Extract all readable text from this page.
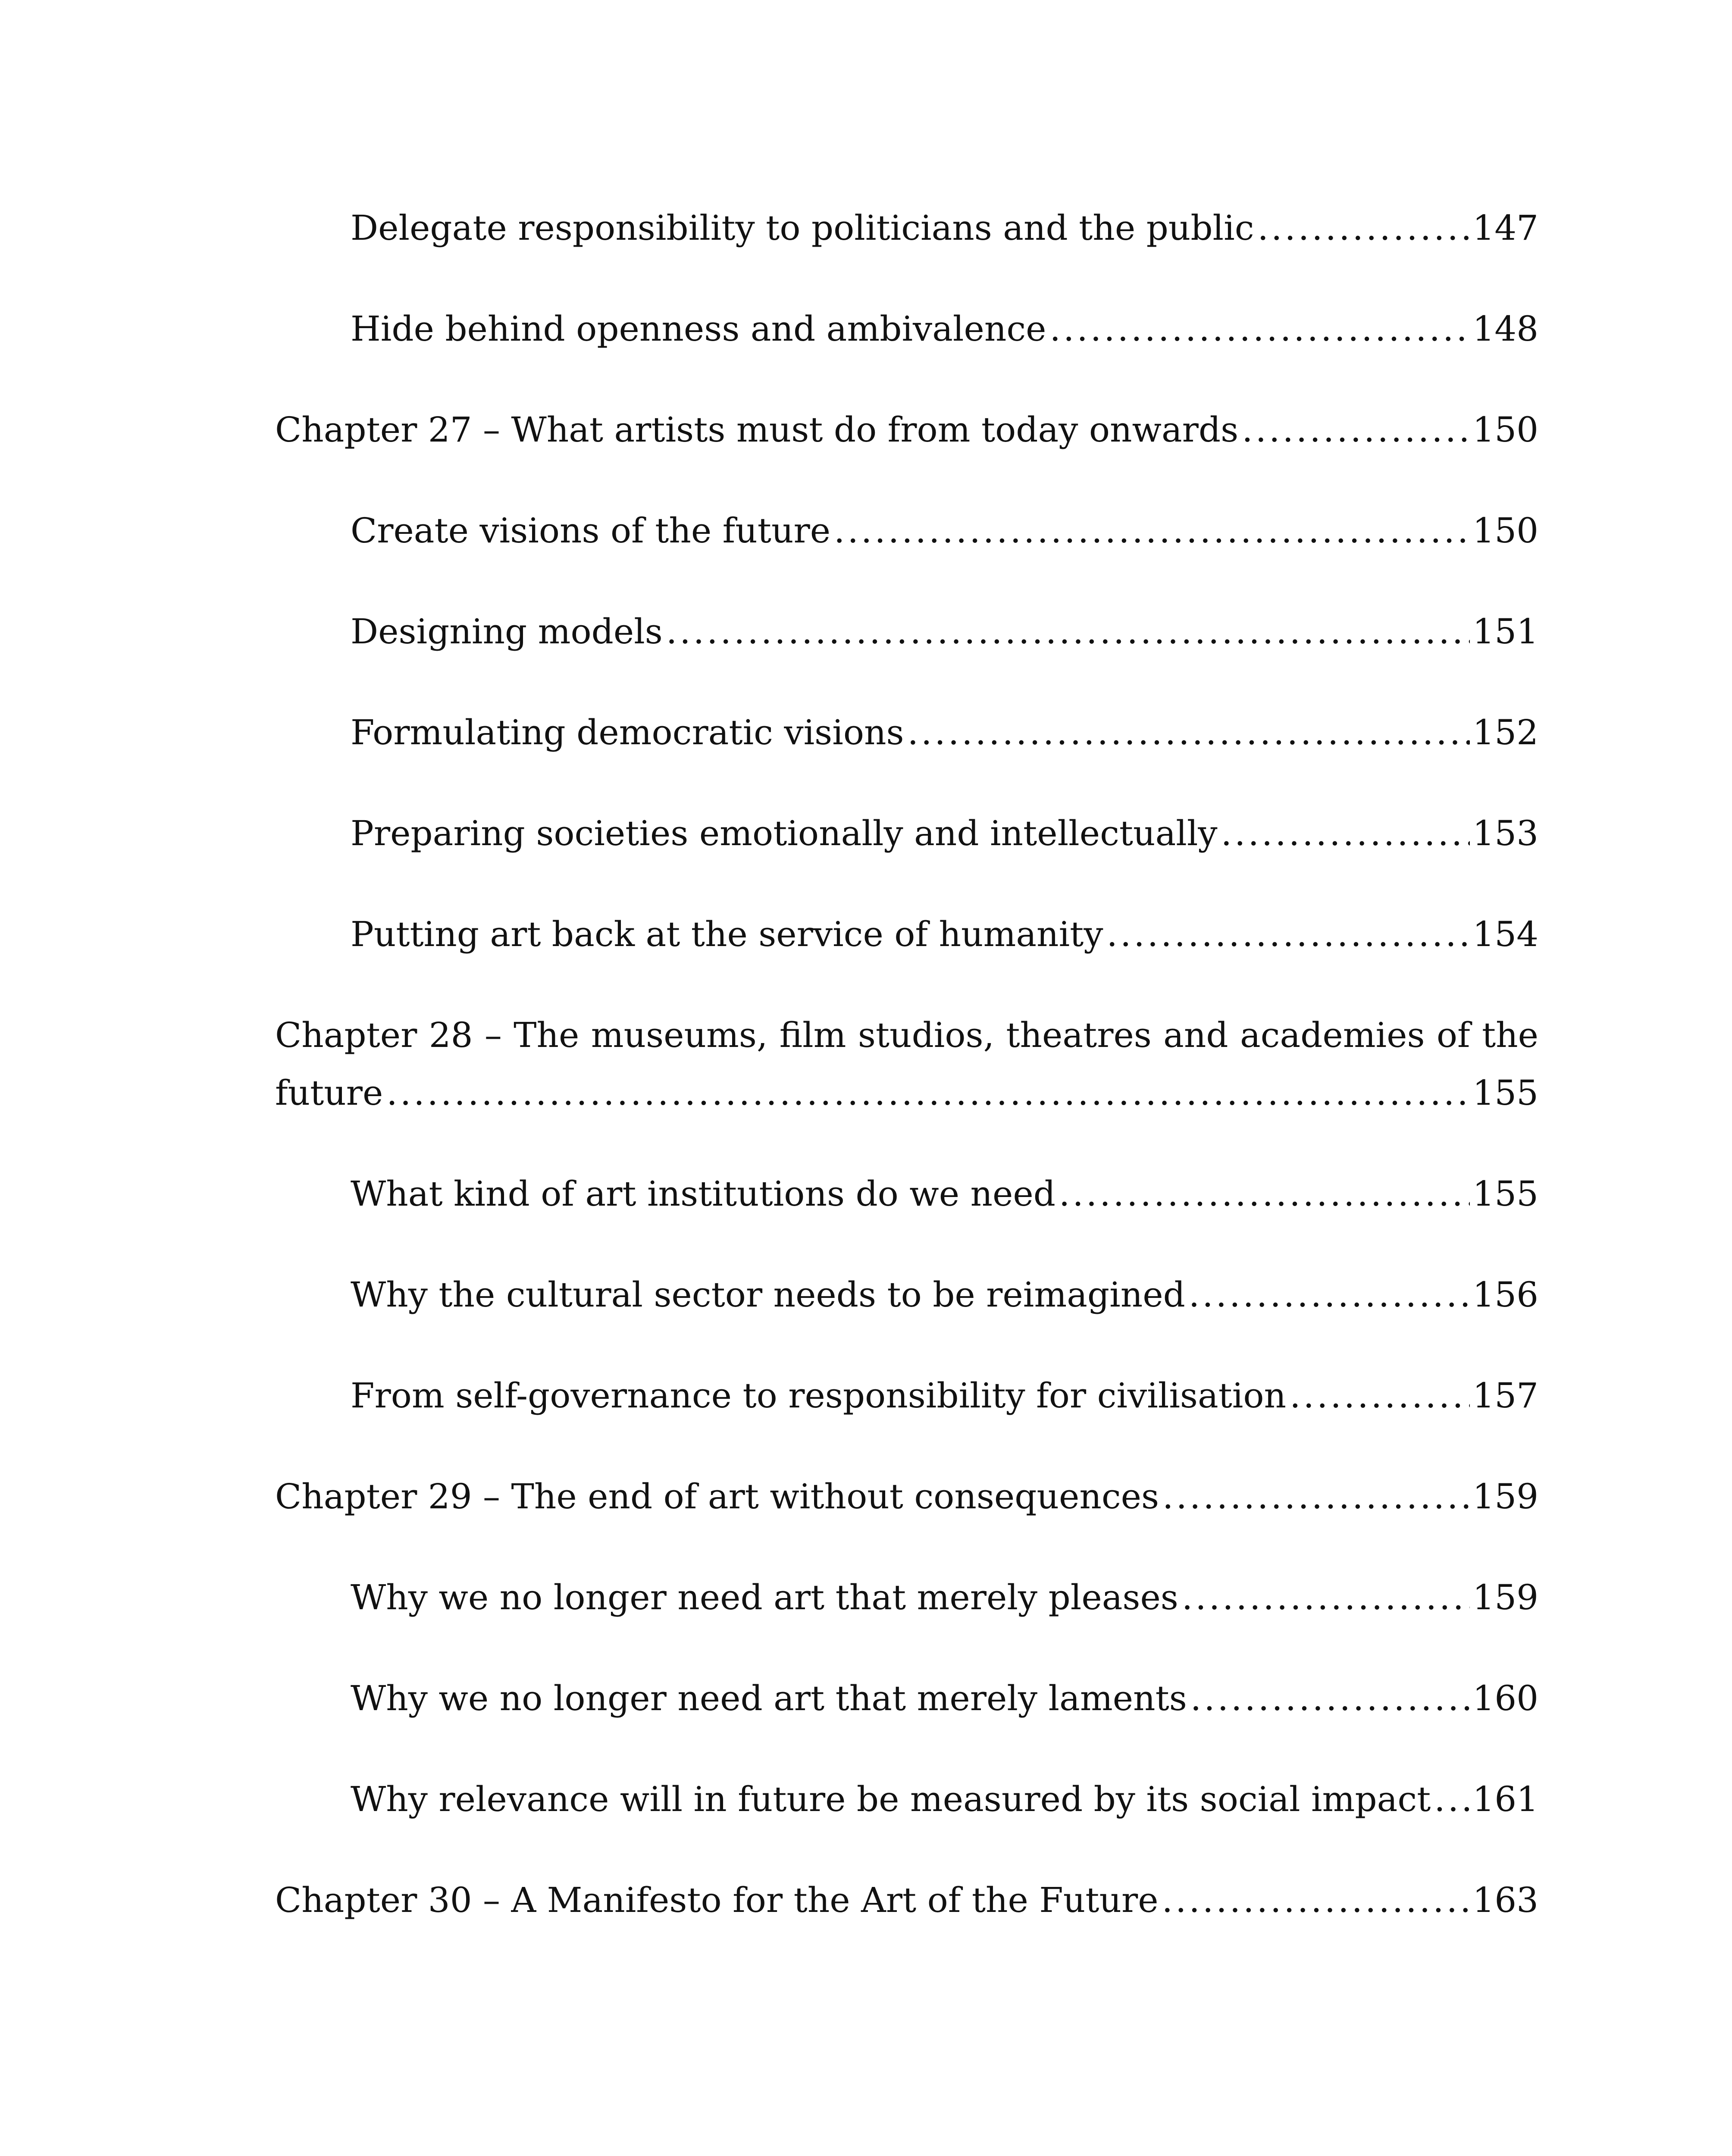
Delegate responsibility to politicians and the public .....	147
Hide behind openness and ambivalence .....	148
Chapter 27 – What artists must do from today onwards .....	150
Create visions of the future .....	150
Designing models .....	151
Formulating democratic visions .....	152
Preparing societies emotionally and intellectually .....	153
Putting art back at the service of humanity .....	154
Chapter 28 – The museums, film studios, theatres and academies of the
future .....	155
What kind of art institutions do we need .....	155
Why the cultural sector needs to be reimagined .....	156
From self-governance to responsibility for civilisation .....	157
Chapter 29 – The end of art without consequences .....	159
Why we no longer need art that merely pleases .....	159
Why we no longer need art that merely laments .....	160
Why relevance will in future be measured by its social impact ..... 161
Chapter 30 – A Manifesto for the Art of the Future .....	163
